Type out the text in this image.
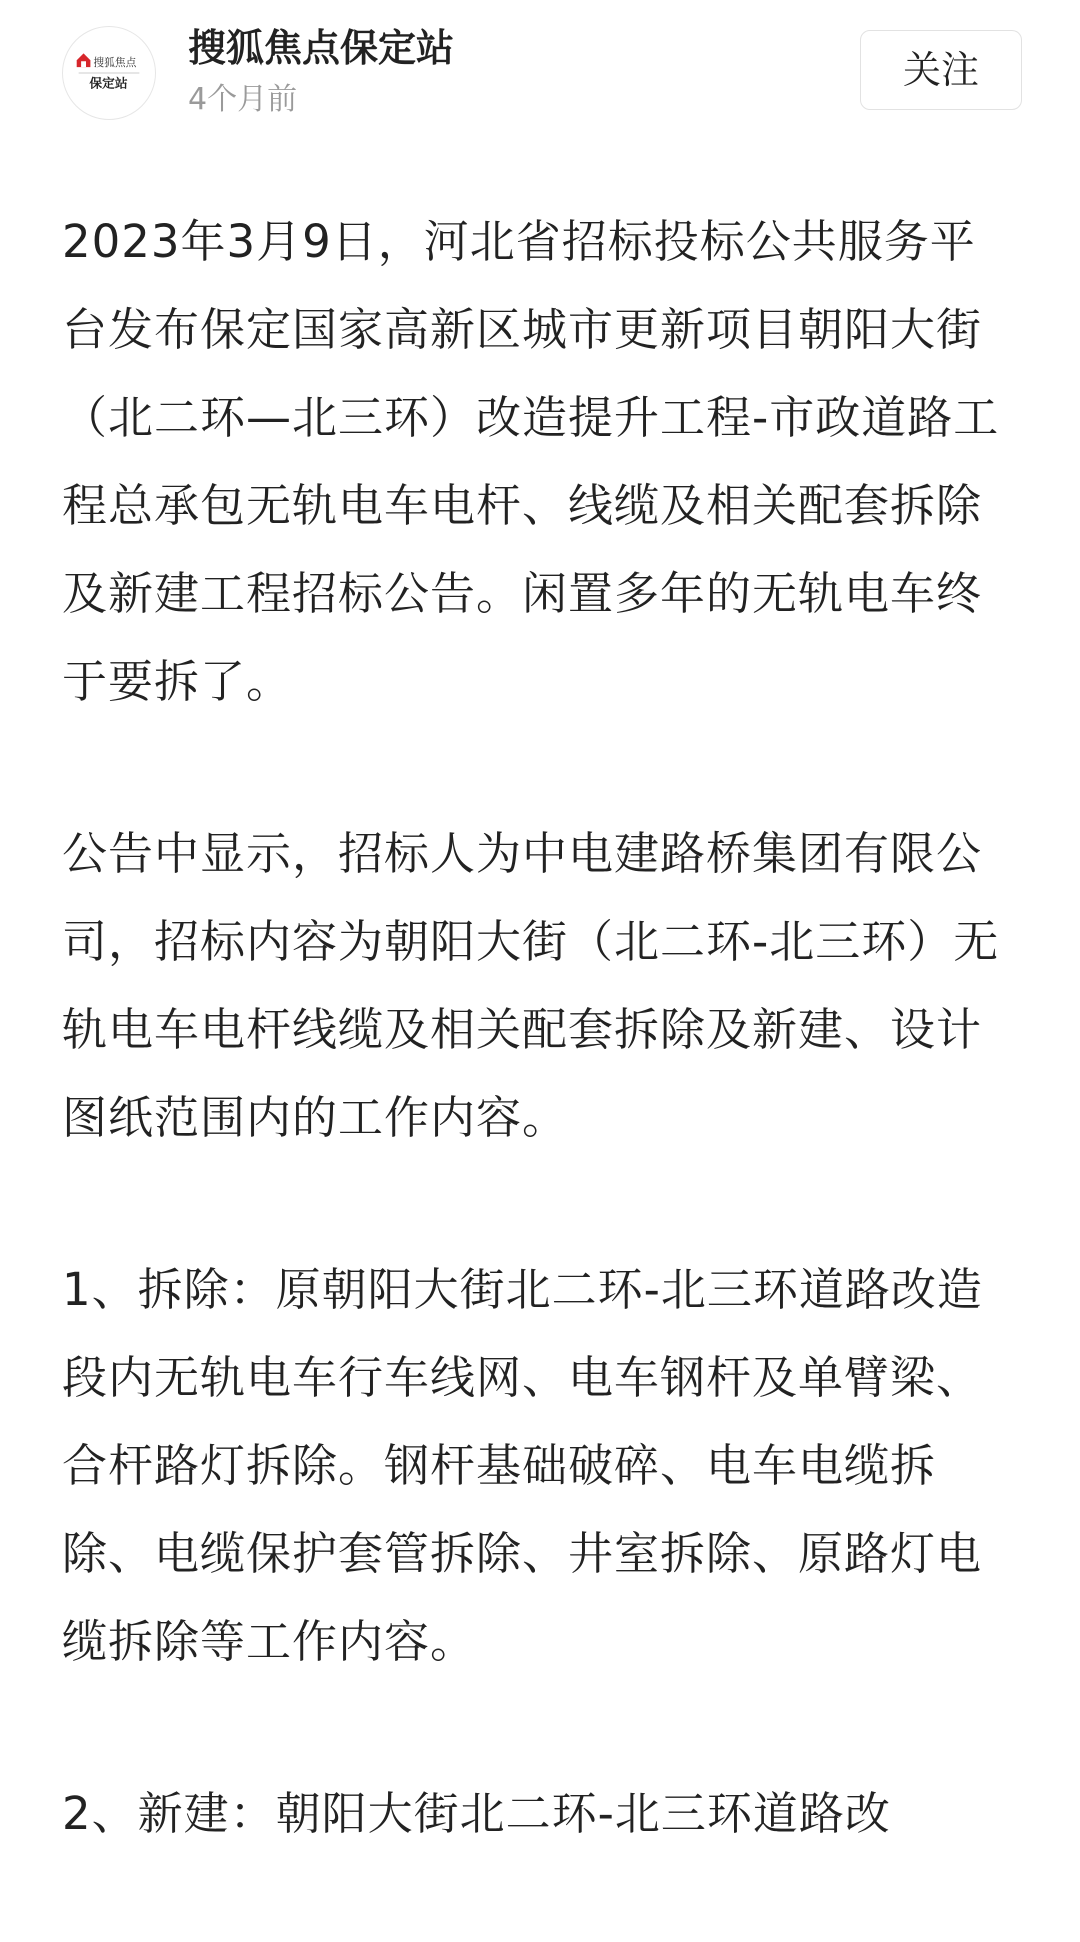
搜狐焦点
保定站
搜狐焦点保定站
4个月前
关注

2023年3月9日，河北省招标投标公共服务平台发布保定国家高新区城市更新项目朝阳大街（北二环—北三环）改造提升工程-市政道路工程总承包无轨电车电杆、线缆及相关配套拆除及新建工程招标公告。闲置多年的无轨电车终于要拆了。

公告中显示，招标人为中电建路桥集团有限公司，招标内容为朝阳大街（北二环-北三环）无轨电车电杆线缆及相关配套拆除及新建、设计图纸范围内的工作内容。

1、拆除：原朝阳大街北二环-北三环道路改造段内无轨电车行车线网、电车钢杆及单臂梁、合杆路灯拆除。钢杆基础破碎、电车电缆拆除、电缆保护套管拆除、井室拆除、原路灯电缆拆除等工作内容。

2、新建：朝阳大街北二环-北三环道路改
